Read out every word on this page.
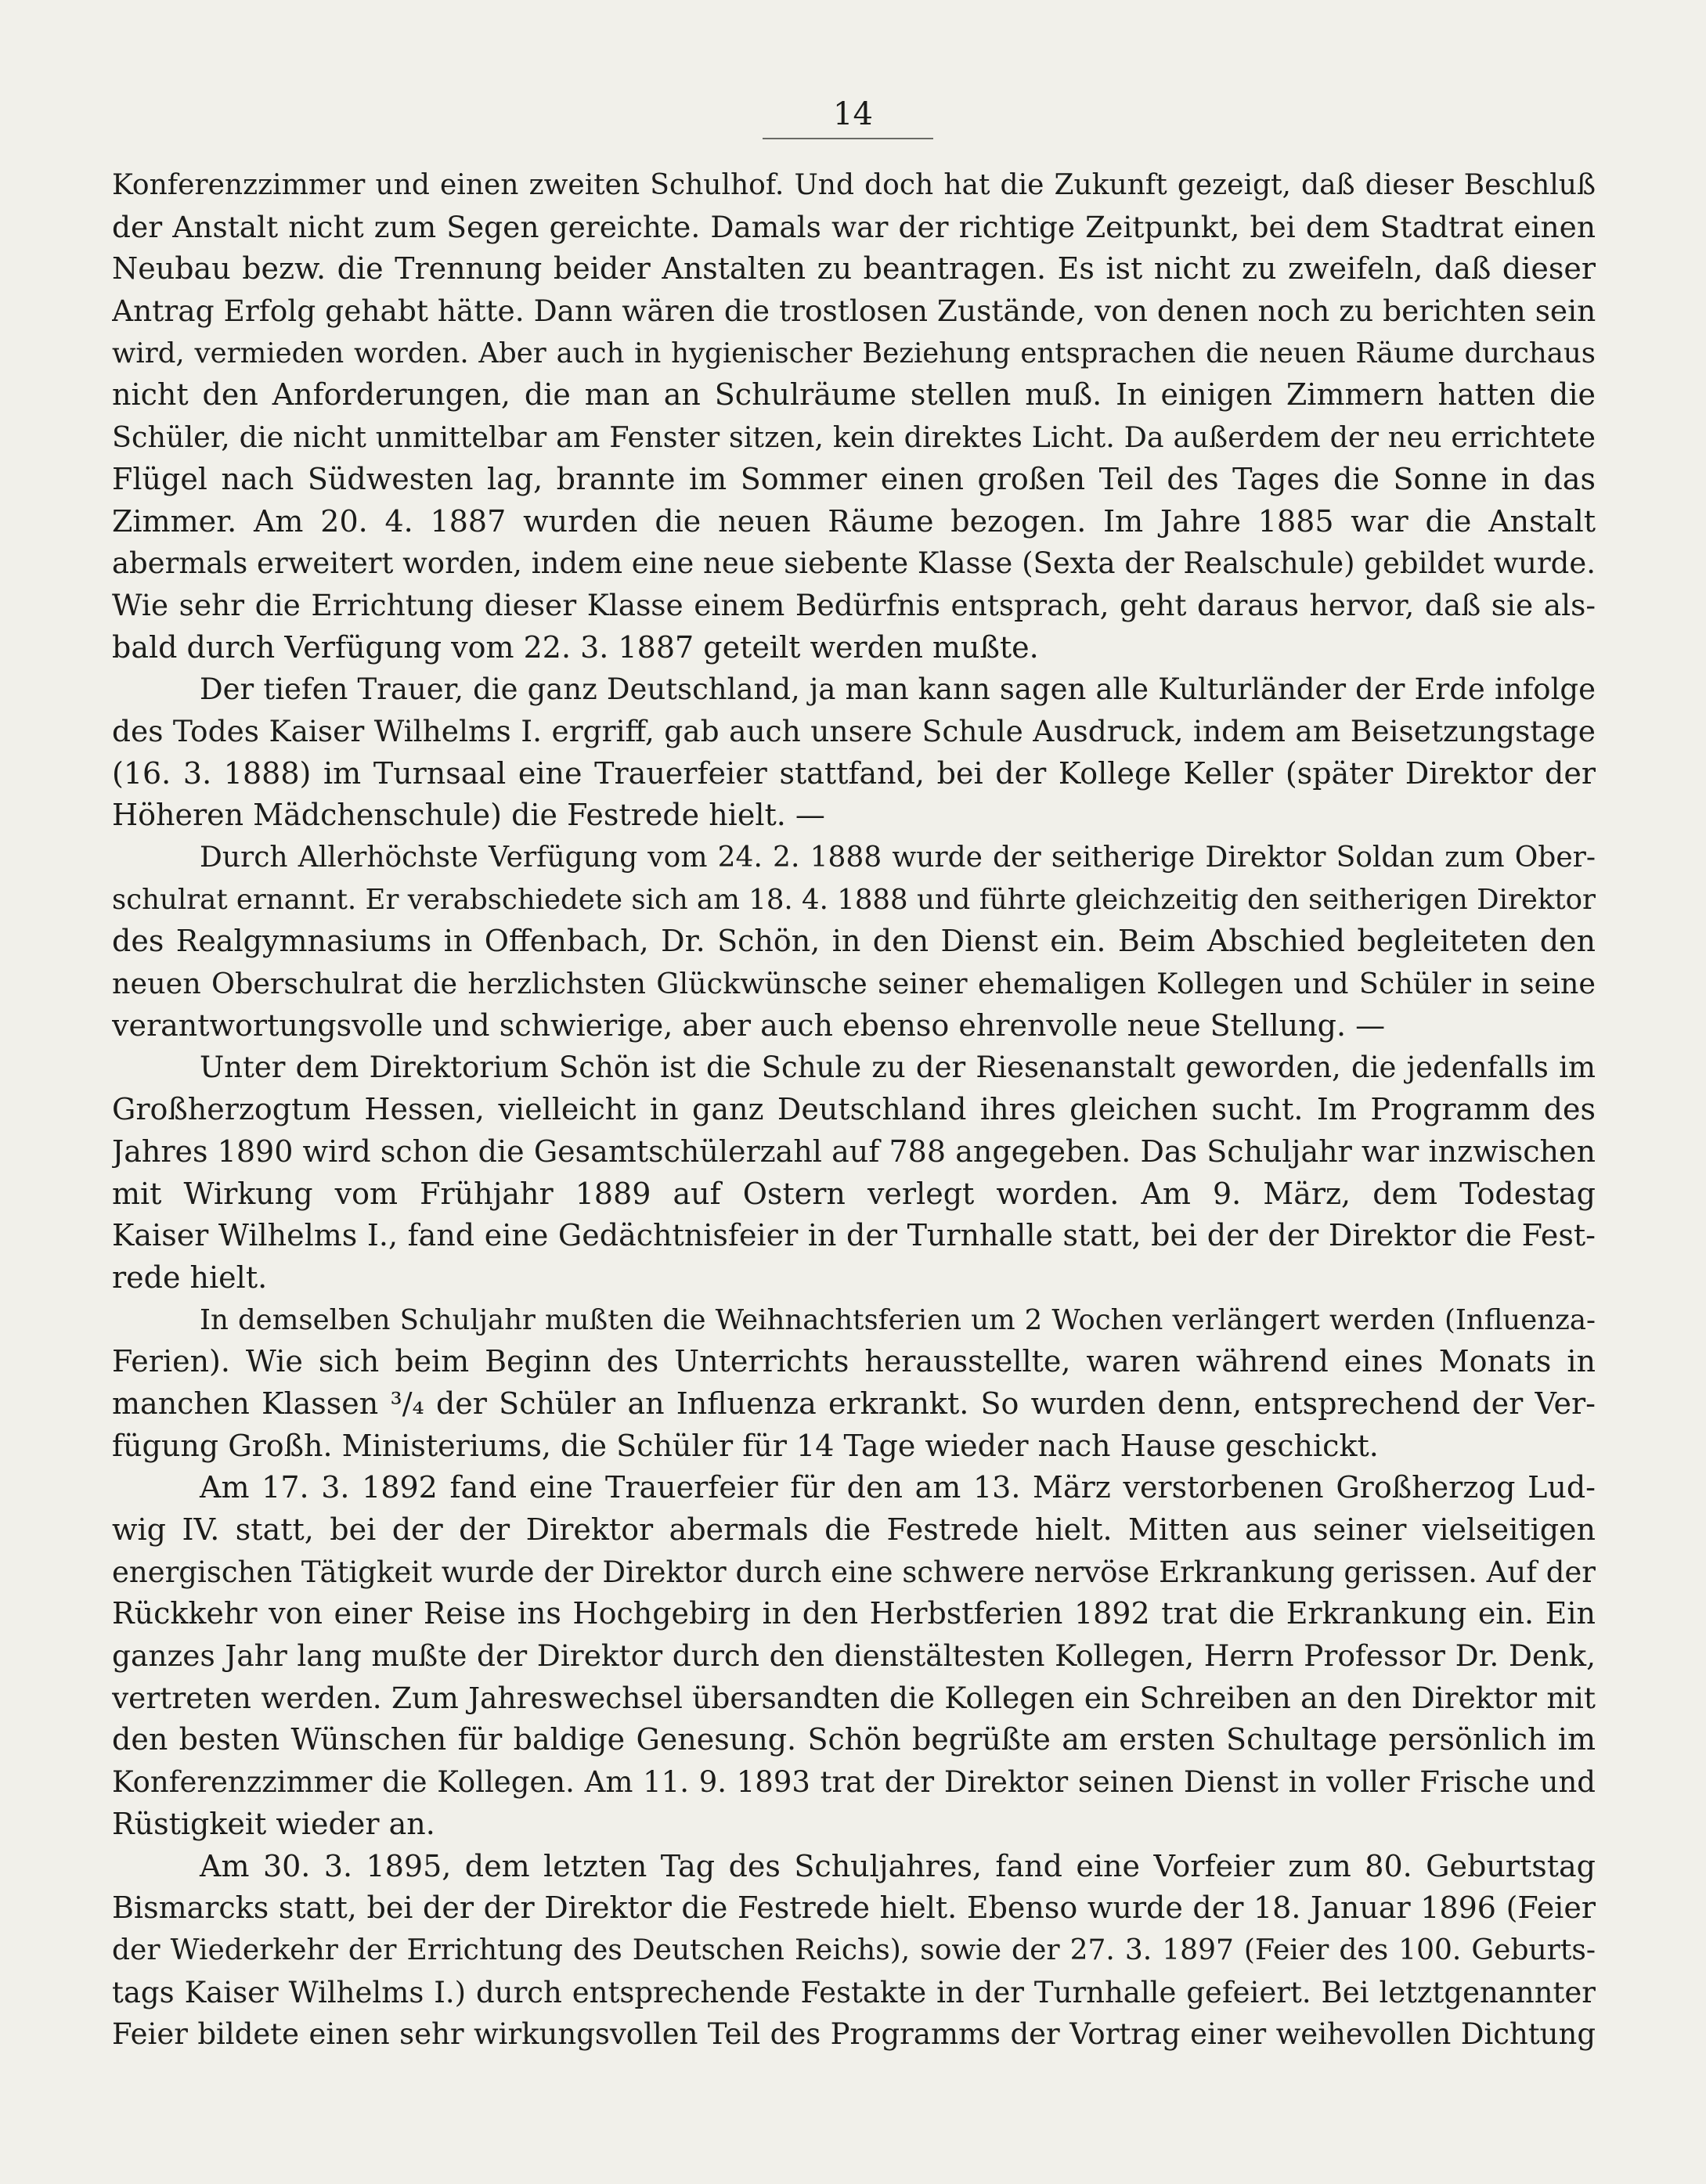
14
Konferenzzimmer und einen zweiten Schulhof. Und doch hat die Zukunft gezeigt, daß dieser Beschluß
der Anstalt nicht zum Segen gereichte. Damals war der richtige Zeitpunkt, bei dem Stadtrat einen
Neubau bezw. die Trennung beider Anstalten zu beantragen. Es ist nicht zu zweifeln, daß dieser
Antrag Erfolg gehabt hätte. Dann wären die trostlosen Zustände, von denen noch zu berichten sein
wird, vermieden worden. Aber auch in hygienischer Beziehung entsprachen die neuen Räume durchaus
nicht den Anforderungen, die man an Schulräume stellen muß. In einigen Zimmern hatten die
Schüler, die nicht unmittelbar am Fenster sitzen, kein direktes Licht. Da außerdem der neu errichtete
Flügel nach Südwesten lag, brannte im Sommer einen großen Teil des Tages die Sonne in das
Zimmer. Am 20. 4. 1887 wurden die neuen Räume bezogen. Im Jahre 1885 war die Anstalt
abermals erweitert worden, indem eine neue siebente Klasse (Sexta der Realschule) gebildet wurde.
Wie sehr die Errichtung dieser Klasse einem Bedürfnis entsprach, geht daraus hervor, daß sie als-
bald durch Verfügung vom 22. 3. 1887 geteilt werden mußte.
Der tiefen Trauer, die ganz Deutschland, ja man kann sagen alle Kulturländer der Erde infolge
des Todes Kaiser Wilhelms I. ergriff, gab auch unsere Schule Ausdruck, indem am Beisetzungstage
(16. 3. 1888) im Turnsaal eine Trauerfeier stattfand, bei der Kollege Keller (später Direktor der
Höheren Mädchenschule) die Festrede hielt. —
Durch Allerhöchste Verfügung vom 24. 2. 1888 wurde der seitherige Direktor Soldan zum Ober-
schulrat ernannt. Er verabschiedete sich am 18. 4. 1888 und führte gleichzeitig den seitherigen Direktor
des Realgymnasiums in Offenbach, Dr. Schön, in den Dienst ein. Beim Abschied begleiteten den
neuen Oberschulrat die herzlichsten Glückwünsche seiner ehemaligen Kollegen und Schüler in seine
verantwortungsvolle und schwierige, aber auch ebenso ehrenvolle neue Stellung. —
Unter dem Direktorium Schön ist die Schule zu der Riesenanstalt geworden, die jedenfalls im
Großherzogtum Hessen, vielleicht in ganz Deutschland ihres gleichen sucht. Im Programm des
Jahres 1890 wird schon die Gesamtschülerzahl auf 788 angegeben. Das Schuljahr war inzwischen
mit Wirkung vom Frühjahr 1889 auf Ostern verlegt worden. Am 9. März, dem Todestag
Kaiser Wilhelms I., fand eine Gedächtnisfeier in der Turnhalle statt, bei der der Direktor die Fest-
rede hielt.
In demselben Schuljahr mußten die Weihnachtsferien um 2 Wochen verlängert werden (Influenza-
Ferien). Wie sich beim Beginn des Unterrichts herausstellte, waren während eines Monats in
manchen Klassen ³/₄ der Schüler an Influenza erkrankt. So wurden denn, entsprechend der Ver-
fügung Großh. Ministeriums, die Schüler für 14 Tage wieder nach Hause geschickt.
Am 17. 3. 1892 fand eine Trauerfeier für den am 13. März verstorbenen Großherzog Lud-
wig IV. statt, bei der der Direktor abermals die Festrede hielt. Mitten aus seiner vielseitigen
energischen Tätigkeit wurde der Direktor durch eine schwere nervöse Erkrankung gerissen. Auf der
Rückkehr von einer Reise ins Hochgebirg in den Herbstferien 1892 trat die Erkrankung ein. Ein
ganzes Jahr lang mußte der Direktor durch den dienstältesten Kollegen, Herrn Professor Dr. Denk,
vertreten werden. Zum Jahreswechsel übersandten die Kollegen ein Schreiben an den Direktor mit
den besten Wünschen für baldige Genesung. Schön begrüßte am ersten Schultage persönlich im
Konferenzzimmer die Kollegen. Am 11. 9. 1893 trat der Direktor seinen Dienst in voller Frische und
Rüstigkeit wieder an.
Am 30. 3. 1895, dem letzten Tag des Schuljahres, fand eine Vorfeier zum 80. Geburtstag
Bismarcks statt, bei der der Direktor die Festrede hielt. Ebenso wurde der 18. Januar 1896 (Feier
der Wiederkehr der Errichtung des Deutschen Reichs), sowie der 27. 3. 1897 (Feier des 100. Geburts-
tags Kaiser Wilhelms I.) durch entsprechende Festakte in der Turnhalle gefeiert. Bei letztgenannter
Feier bildete einen sehr wirkungsvollen Teil des Programms der Vortrag einer weihevollen Dichtung
